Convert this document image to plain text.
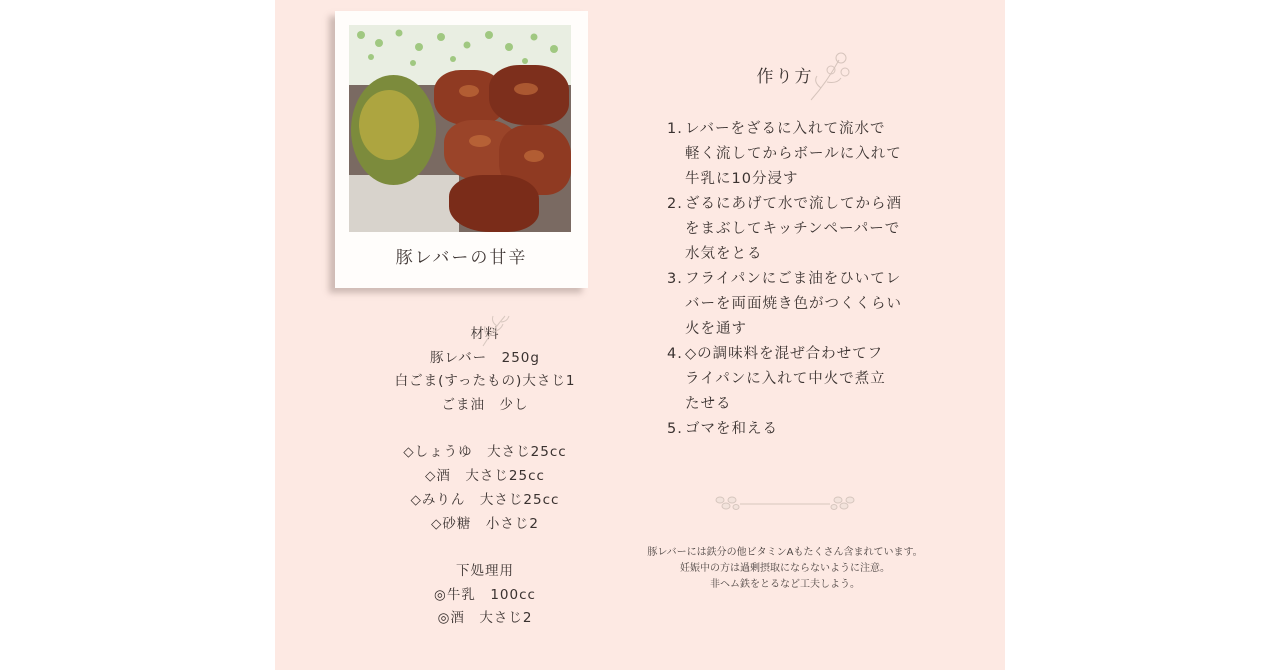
豚レバーの甘辛
材料
豚レバー　250g
白ごま(すったもの)大さじ1
ごま油　少し
◇しょうゆ　大さじ25cc
◇酒　大さじ25cc
◇みりん　大さじ25cc
◇砂糖　小さじ2
下処理用
◎牛乳　100cc
◎酒　大さじ2
作り方
1. レバーをざるに入れて流水で
軽く流してからボールに入れて
牛乳に10分浸す
2. ざるにあげて水で流してから酒
をまぶしてキッチンペーパーで
水気をとる
3. フライパンにごま油をひいてレ
バーを両面焼き色がつくくらい
火を通す
4. ◇の調味料を混ぜ合わせてフ
ライパンに入れて中火で煮立
たせる
5. ゴマを和える
豚レバーには鉄分の他ビタミンAもたくさん含まれています。
妊娠中の方は過剰摂取にならないように注意。
非ヘム鉄をとるなど工夫しよう。
